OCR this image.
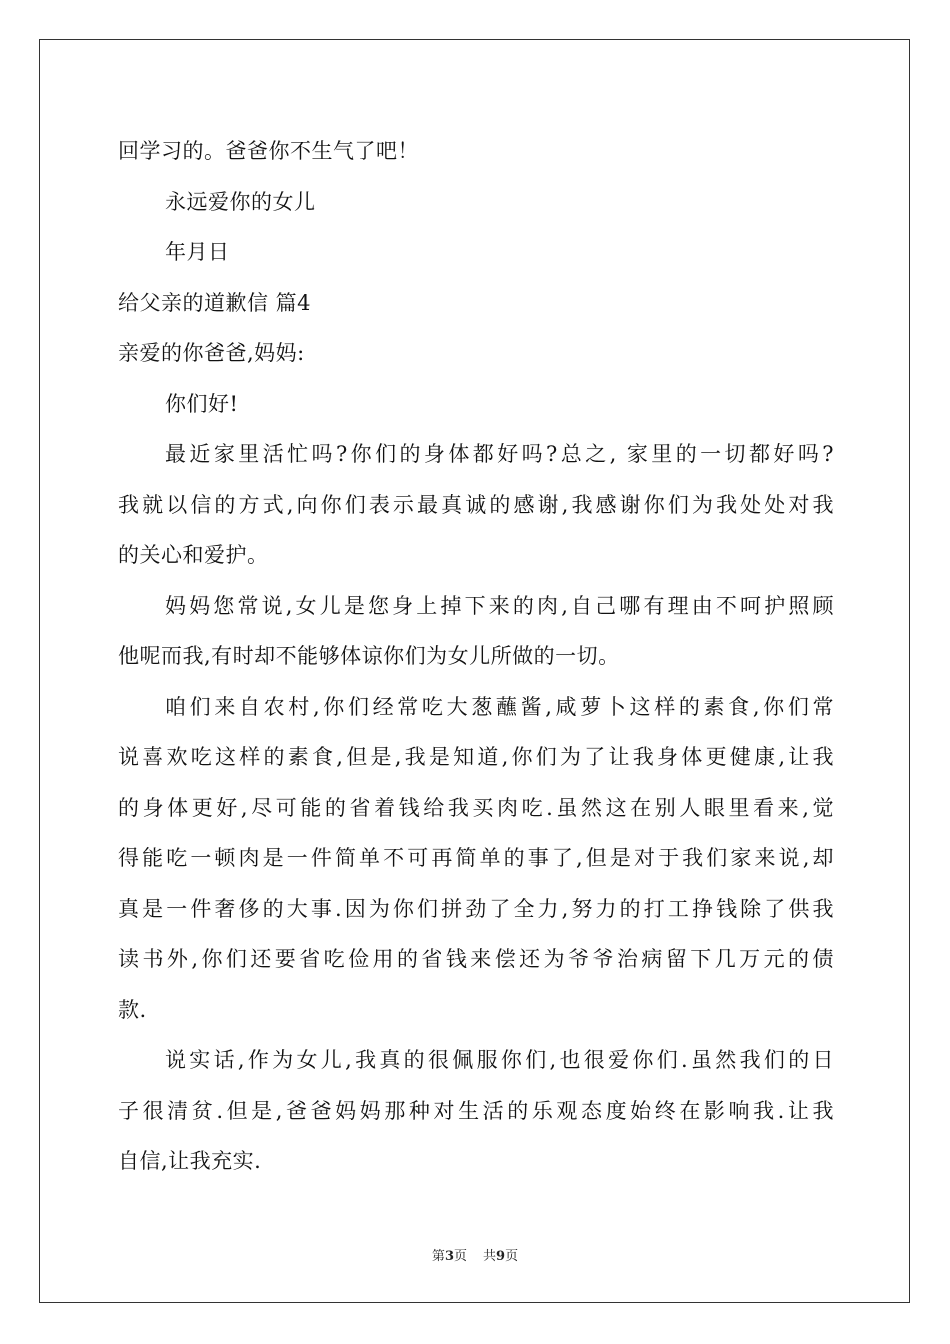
回学习的。爸爸你不生气了吧！
永远爱你的女儿
年月日
给父亲的道歉信 篇4
亲爱的你爸爸,妈妈:
你们好!
最近家里活忙吗?你们的身体都好吗?总之, 家里的一切都好吗?
我就以信的方式,向你们表示最真诚的感谢,我感谢你们为我处处对我
的关心和爱护。
妈妈您常说,女儿是您身上掉下来的肉,自己哪有理由不呵护照顾
他呢而我,有时却不能够体谅你们为女儿所做的一切。
咱们来自农村,你们经常吃大葱蘸酱,咸萝卜这样的素食,你们常
说喜欢吃这样的素食,但是,我是知道,你们为了让我身体更健康,让我
的身体更好,尽可能的省着钱给我买肉吃.虽然这在别人眼里看来,觉
得能吃一顿肉是一件简单不可再简单的事了,但是对于我们家来说,却
真是一件奢侈的大事.因为你们拼劲了全力,努力的打工挣钱除了供我
读书外,你们还要省吃俭用的省钱来偿还为爷爷治病留下几万元的债
款.
说实话,作为女儿,我真的很佩服你们,也很爱你们.虽然我们的日
子很清贫.但是,爸爸妈妈那种对生活的乐观态度始终在影响我.让我
自信,让我充实.
第3页 共9页
